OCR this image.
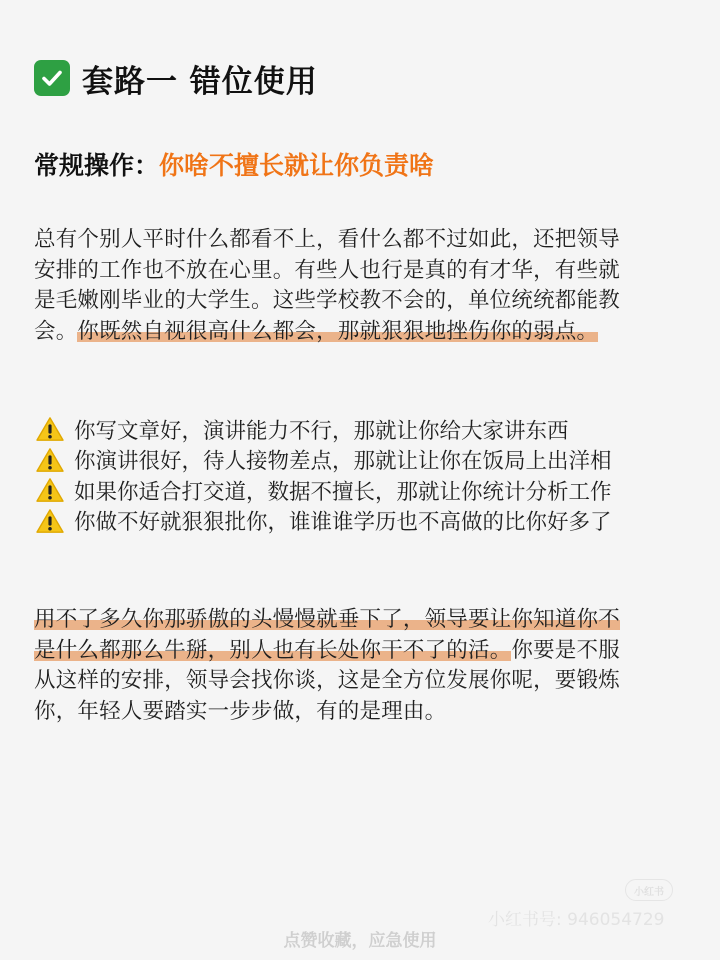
套路一 错位使用
常规操作： 你啥不擅长就让你负责啥
总有个别人平时什么都看不上，看什么都不过如此，还把领导
安排的工作也不放在心里。有些人也行是真的有才华，有些就
是毛嫩刚毕业的大学生。这些学校教不会的，单位统统都能教
会。你既然自视很高什么都会，那就狠狠地挫伤你的弱点。
你写文章好，演讲能力不行，那就让你给大家讲东西
你演讲很好，待人接物差点，那就让让你在饭局上出洋相
如果你适合打交道，数据不擅长，那就让你统计分析工作
你做不好就狠狠批你，谁谁谁学历也不高做的比你好多了
用不了多久你那骄傲的头慢慢就垂下了，领导要让你知道你不
是什么都那么牛掰，别人也有长处你干不了的活。你要是不服
从这样的安排，领导会找你谈，这是全方位发展你呢，要锻炼
你，年轻人要踏实一步步做，有的是理由。
小红书
小红书号: 946054729
点赞收藏，应急使用
